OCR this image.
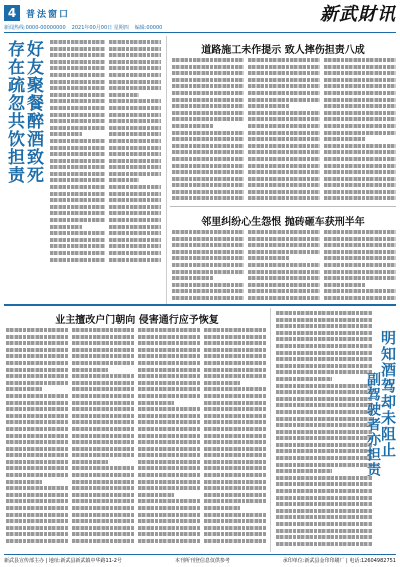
4	普法窗口	新武財讯
新闻热线:0000-00000000 2021年00月00日 星期四 编辑:00000
好友聚餐醉酒致死
存在疏忽共饮担责	道路施工未作提示 致人摔伤担责八成
邻里纠纷心生怨恨 抛砖砸车获刑半年
业主擅改户门朝向 侵害通行应予恢复
明知酒驾却未阻止
副驾驶者亦担责
新武县宣传部主办 | 地址:新武县新武镇中华路11-2号	本刊所刊登信息仅供参考	承印单位:新武县金印印刷厂 | 电话:12604982751
